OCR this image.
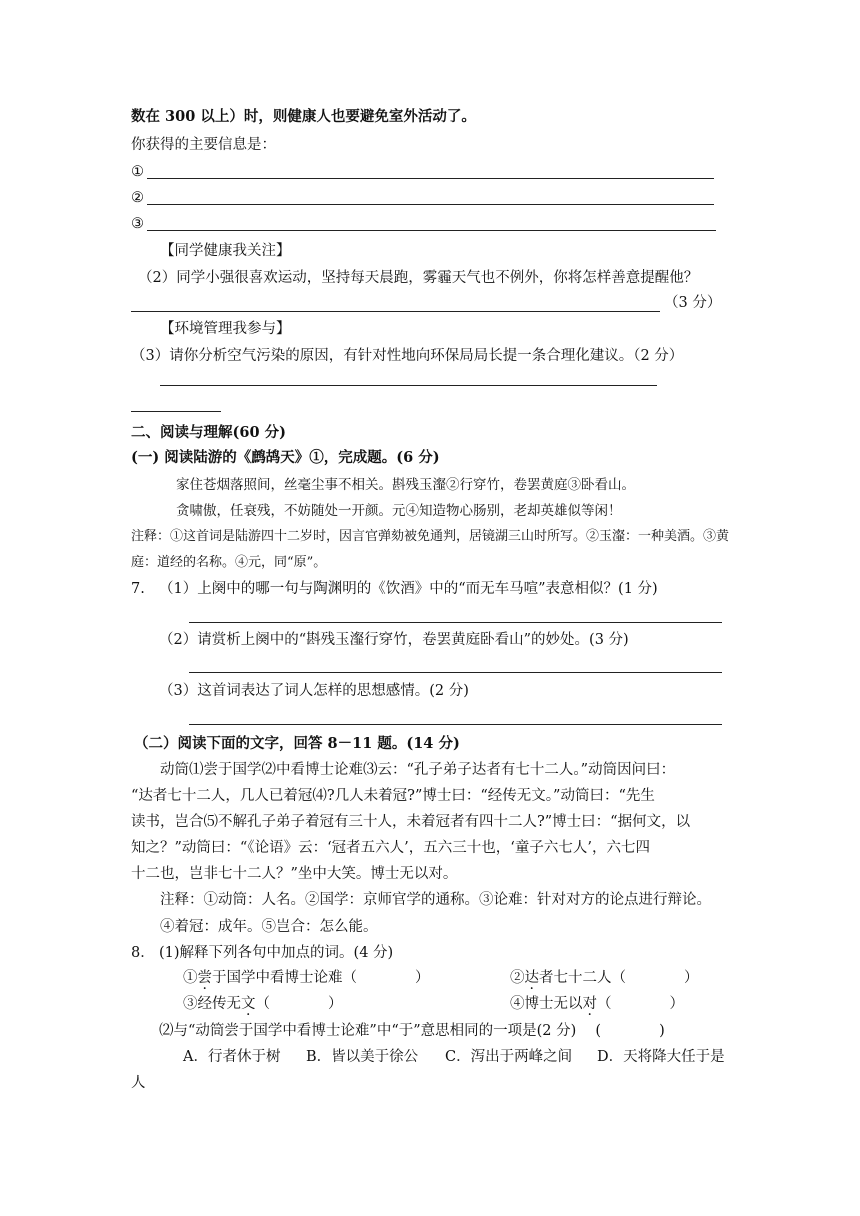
数在 300 以上）时，则健康人也要避免室外活动了。
你获得的主要信息是：
①
②
③
【同学健康我关注】
（2）同学小强很喜欢运动，坚持每天晨跑，雾霾天气也不例外，你将怎样善意提醒他？
（3 分）
【环境管理我参与】
（3）请你分析空气污染的原因，有针对性地向环保局局长提一条合理化建议。（2 分）
二、阅读与理解(60 分)
(一) 阅读陆游的《鹧鸪天》①，完成题。(6 分)
家住苍烟落照间，丝毫尘事不相关。斟残玉瀣②行穿竹，卷罢黄庭③卧看山。
贪啸傲，任衰残，不妨随处一开颜。元④知造物心肠别，老却英雄似等闲！
注释：①这首词是陆游四十二岁时，因言官弹劾被免通判，居镜湖三山时所写。②玉瀣：一种美酒。③黄
庭：道经的名称。④元，同“原”。
7. （1）上阕中的哪一句与陶渊明的《饮酒》中的“而无车马喧”表意相似？(1 分)
（2）请赏析上阕中的“斟残玉瀣行穿竹，卷罢黄庭卧看山”的妙处。(3 分)
（3）这首词表达了词人怎样的思想感情。(2 分)
（二）阅读下面的文字，回答 8－11 题。(14 分)
动筒⑴尝于国学⑵中看博士论难⑶云：“孔子弟子达者有七十二人。”动筒因问曰：
“达者七十二人，几人已着冠⑷?几人未着冠?”博士曰：“经传无文。”动筒曰：“先生
读书，岂合⑸不解孔子弟子着冠有三十人，未着冠者有四十二人?”博士曰：“据何文，以
知之？”动筒曰：“《论语》云：‘冠者五六人’，五六三十也，‘童子六七人’，六七四
十二也，岂非七十二人？”坐中大笑。博士无以对。
注释：①动筒：人名。②国学：京师官学的通称。③论难：针对对方的论点进行辩论。
④着冠：成年。⑤岂合：怎么能。
8． (1)解释下列各句中加点的词。(4 分)
①尝于国学中看博士论难（　　　　）	②达者七十二人（　　　　）
③经传无文（　　　　）	④博士无以对（　　　　）
⑵与“动筒尝于国学中看博士论难”中“于”意思相同的一项是(2 分)　 (　　　　)
A．行者休于树 B．皆以美于徐公 C．泻出于两峰之间 D．天将降大任于是
人
